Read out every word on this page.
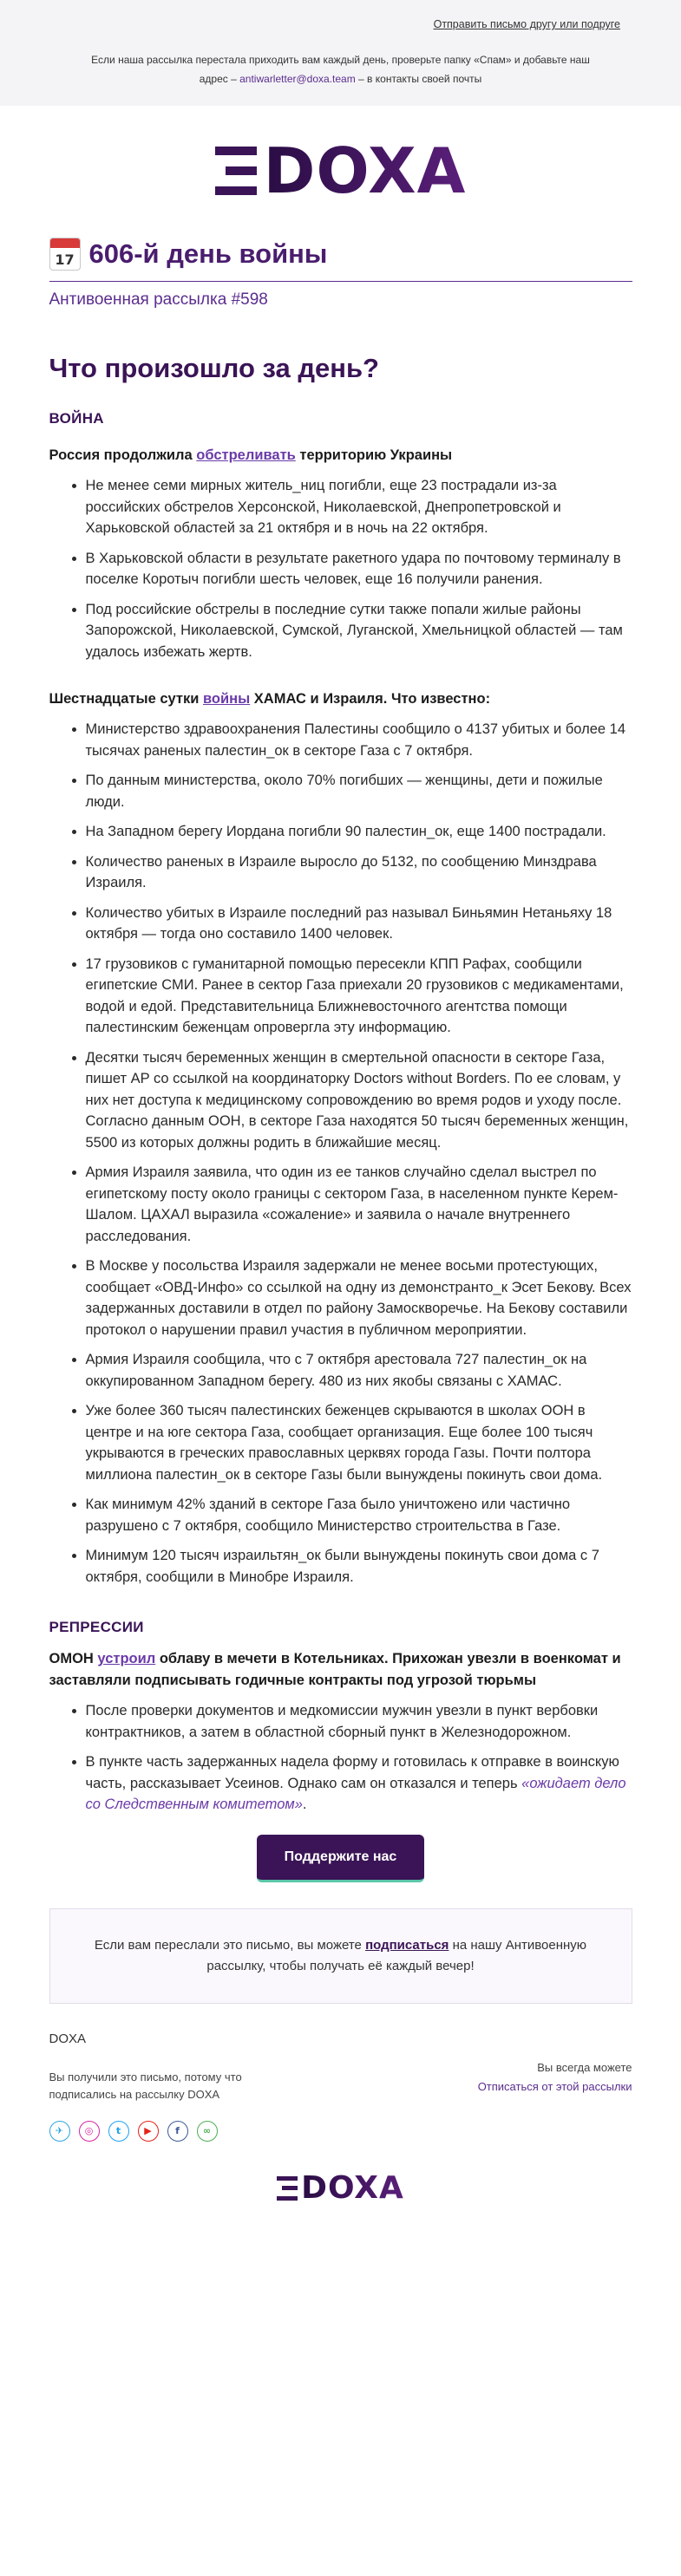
Отправить письмо другу или подруге
Если наша рассылка перестала приходить вам каждый день, проверьте папку «Спам» и добавьте наш адрес – antiwarletter@doxa.team – в контакты своей почты
DOXA
17 606-й день войны
Антивоенная рассылка #598
Что произошло за день?
ВОЙНА

Россия продолжила обстреливать территорию Украины

• Не менее семи мирных житель_ниц погибли, еще 23 пострадали из-за российских обстрелов Херсонской, Николаевской, Днепропетровской и Харьковской областей за 21 октября и в ночь на 22 октября.
• В Харьковской области в результате ракетного удара по почтовому терминалу в поселке Коротыч погибли шесть человек, еще 16 получили ранения.
• Под российские обстрелы в последние сутки также попали жилые районы Запорожской, Николаевской, Сумской, Луганской, Хмельницкой областей — там удалось избежать жертв.

Шестнадцатые сутки войны ХАМАС и Израиля. Что известно:

• Министерство здравоохранения Палестины сообщило о 4137 убитых и более 14 тысячах раненых палестин_ок в секторе Газа с 7 октября.
• По данным министерства, около 70% погибших — женщины, дети и пожилые люди.
• На Западном берегу Иордана погибли 90 палестин_ок, еще 1400 пострадали.
• Количество раненых в Израиле выросло до 5132, по сообщению Минздрава Израиля.
• Количество убитых в Израиле последний раз называл Биньямин Нетаньяху 18 октября — тогда оно составило 1400 человек.
• 17 грузовиков с гуманитарной помощью пересекли КПП Рафах, сообщили египетские СМИ. Ранее в сектор Газа приехали 20 грузовиков с медикаментами, водой и едой. Представительница Ближневосточного агентства помощи палестинским беженцам опровергла эту информацию.
• Десятки тысяч беременных женщин в смертельной опасности в секторе Газа, пишет AP со ссылкой на координаторку Doctors without Borders. По ее словам, у них нет доступа к медицинскому сопровождению во время родов и уходу после. Согласно данным ООН, в секторе Газа находятся 50 тысяч беременных женщин, 5500 из которых должны родить в ближайшие месяц.
• Армия Израиля заявила, что один из ее танков случайно сделал выстрел по египетскому посту около границы с сектором Газа, в населенном пункте Керем-Шалом. ЦАХАЛ выразила «сожаление» и заявила о начале внутреннего расследования.
• В Москве у посольства Израиля задержали не менее восьми протестующих, сообщает «ОВД-Инфо» со ссылкой на одну из демонстранто_к Эсет Бекову. Всех задержанных доставили в отдел по району Замоскворечье. На Бекову составили протокол о нарушении правил участия в публичном мероприятии.
• Армия Израиля сообщила, что с 7 октября арестовала 727 палестин_ок на оккупированном Западном берегу. 480 из них якобы связаны с ХАМАС.
• Уже более 360 тысяч палестинских беженцев скрываются в школах ООН в центре и на юге сектора Газа, сообщает организация. Еще более 100 тысяч укрываются в греческих православных церквях города Газы. Почти полтора миллиона палестин_ок в секторе Газы были вынуждены покинуть свои дома.
• Как минимум 42% зданий в секторе Газа было уничтожено или частично разрушено с 7 октября, сообщило Министерство строительства в Газе.
• Минимум 120 тысяч израильтян_ок были вынуждены покинуть свои дома с 7 октября, сообщили в Минобре Израиля.
РЕПРЕССИИ

ОМОН устроил облаву в мечети в Котельниках. Прихожан увезли в военкомат и заставляли подписывать годичные контракты под угрозой тюрьмы

• После проверки документов и медкомиссии мужчин увезли в пункт вербовки контрактников, а затем в областной сборный пункт в Железнодорожном.
• В пункте часть задержанных надела форму и готовилась к отправке в воинскую часть, рассказывает Усеинов. Однако сам он отказался и теперь «ожидает дело со Следственным комитетом».
Поддержите нас
Если вам переслали это письмо, вы можете подписаться на нашу Антивоенную рассылку, чтобы получать её каждый вечер!
DOXA
Вы получили это письмо, потому что подписались на рассылку DOXA
Вы всегда можете
Отписаться от этой рассылки
✈	◎	t	▶	f	∞
DOXA
